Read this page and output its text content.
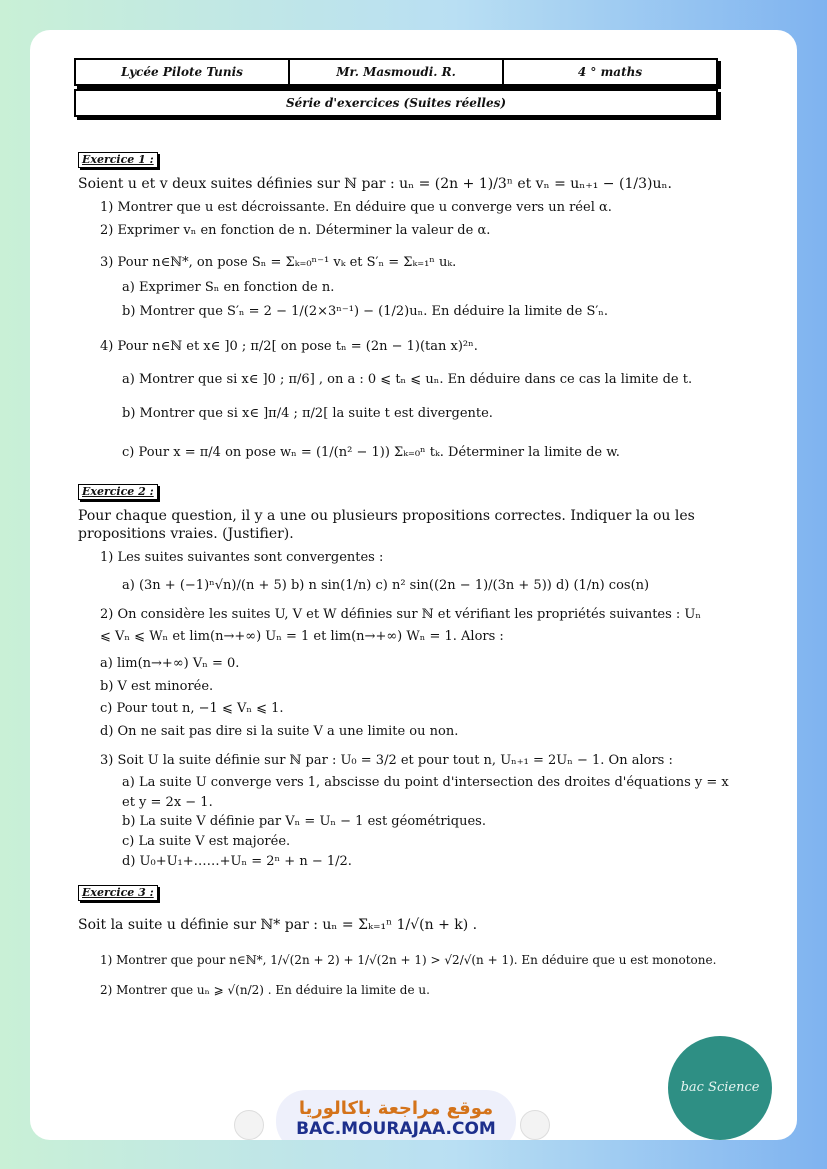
Lycée Pilote Tunis	Mr. Masmoudi. R.	4 ° maths
Série d'exercices (Suites réelles)
Exercice 1 :

Soient u et v deux suites définies sur ℕ par : uₙ = (2n + 1)/3ⁿ et vₙ = uₙ₊₁ − (1/3)uₙ.

1) Montrer que u est décroissante. En déduire que u converge vers un réel α.

2) Exprimer vₙ en fonction de n. Déterminer la valeur de α.

3) Pour n∈ℕ*, on pose Sₙ = Σₖ₌₀ⁿ⁻¹ vₖ et S′ₙ = Σₖ₌₁ⁿ uₖ.

a) Exprimer Sₙ en fonction de n.

b) Montrer que S′ₙ = 2 − 1/(2×3ⁿ⁻¹) − (1/2)uₙ. En déduire la limite de S′ₙ.

4) Pour n∈ℕ et x∈ ]0 ; π/2[ on pose tₙ = (2n − 1)(tan x)²ⁿ.

a) Montrer que si x∈ ]0 ; π/6] , on a : 0 ⩽ tₙ ⩽ uₙ. En déduire dans ce cas la limite de t.

b) Montrer que si x∈ ]π/4 ; π/2[ la suite t est divergente.

c) Pour x = π/4 on pose wₙ = (1/(n² − 1)) Σₖ₌₀ⁿ tₖ. Déterminer la limite de w.

Exercice 2 :

Pour chaque question, il y a une ou plusieurs propositions correctes. Indiquer la ou les propositions vraies. (Justifier).

1) Les suites suivantes sont convergentes :

a) (3n + (−1)ⁿ√n)/(n + 5) b) n sin(1/n) c) n² sin((2n − 1)/(3n + 5)) d) (1/n) cos(n)

2) On considère les suites U, V et W définies sur ℕ et vérifiant les propriétés suivantes : Uₙ

⩽ Vₙ ⩽ Wₙ et lim(n→+∞) Uₙ = 1 et lim(n→+∞) Wₙ = 1. Alors :

a) lim(n→+∞) Vₙ = 0.

b) V est minorée.

c) Pour tout n, −1 ⩽ Vₙ ⩽ 1.

d) On ne sait pas dire si la suite V a une limite ou non.

3) Soit U la suite définie sur ℕ par : U₀ = 3/2 et pour tout n, Uₙ₊₁ = 2Uₙ − 1. On alors :

a) La suite U converge vers 1, abscisse du point d'intersection des droites d'équations y = x

et y = 2x − 1.

b) La suite V définie par Vₙ = Uₙ − 1 est géométriques.

c) La suite V est majorée.

d) U₀+U₁+……+Uₙ = 2ⁿ + n − 1/2.

Exercice 3 :

Soit la suite u définie sur ℕ* par : uₙ = Σₖ₌₁ⁿ 1/√(n + k) .

1) Montrer que pour n∈ℕ*, 1/√(2n + 2) + 1/√(2n + 1) > √2/√(n + 1). En déduire que u est monotone.

2) Montrer que uₙ ⩾ √(n/2) . En déduire la limite de u.

موقع مراجعة باكالوريا
BAC.MOURAJAA.COM
bac Science
